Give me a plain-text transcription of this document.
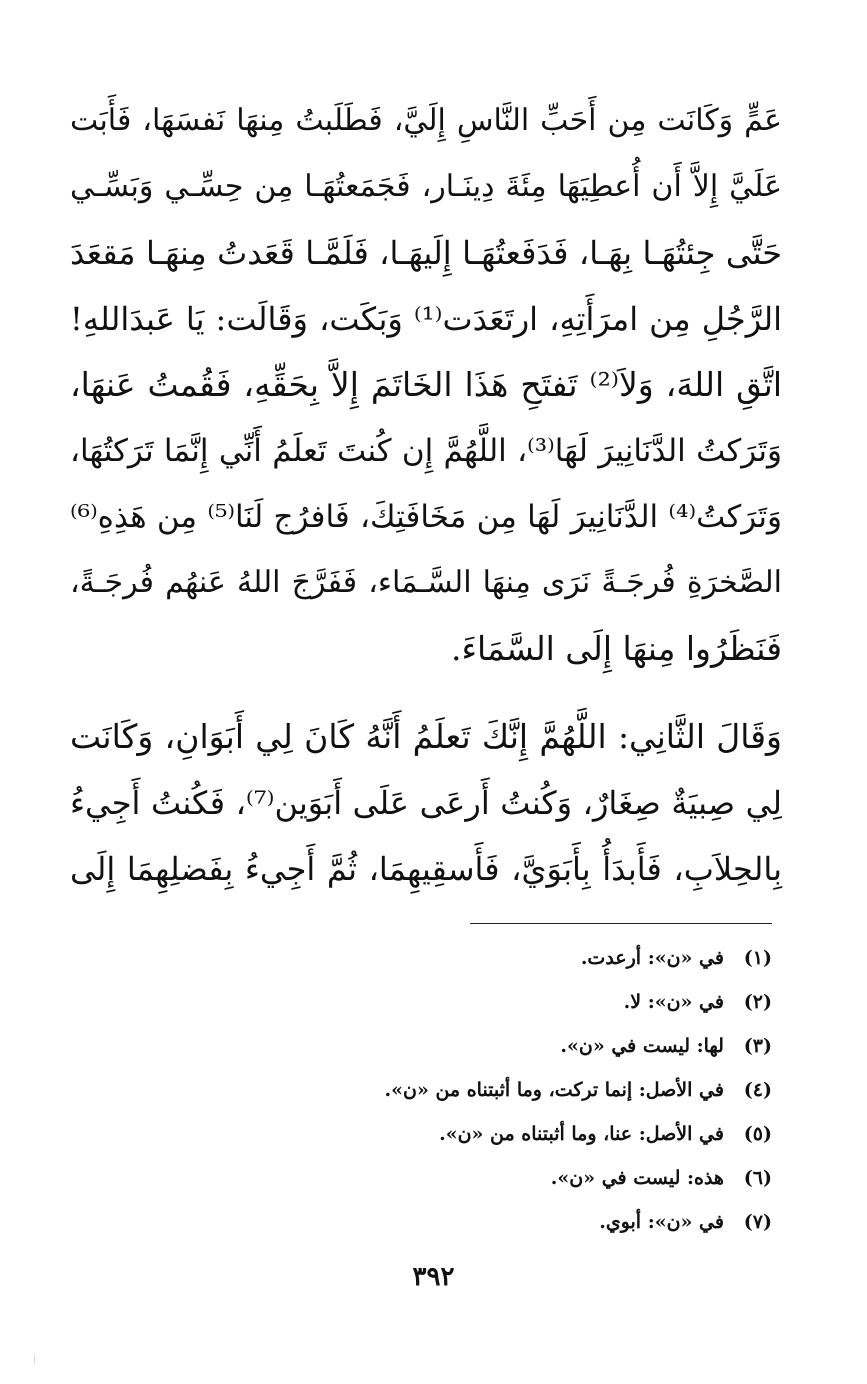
عَمٍّ وَكَانَت مِن أَحَبِّ النَّاسِ إِلَيَّ، فَطَلَبتُ مِنهَا نَفسَهَا، فَأَبَت
عَلَيَّ إِلاَّ أَن أُعطِيَهَا مِئَةَ دِينَـار، فَجَمَعتُهَـا مِن حِسِّـي وَبَسِّـي
حَتَّى جِئتُهَـا بِهَـا، فَدَفَعتُهَـا إِلَيهَـا، فَلَمَّـا قَعَدتُ مِنهَـا مَقعَدَ
الرَّجُلِ مِن امرَأَتِهِ، ارتَعَدَت⁽¹⁾ وَبَكَت، وَقَالَت: يَا عَبدَاللهِ!
اتَّقِ اللهَ، وَلاَ⁽²⁾ تَفتَحِ هَذَا الخَاتَمَ إِلاَّ بِحَقِّهِ، فَقُمتُ عَنهَا،
وَتَرَكتُ الدَّنَانِيرَ لَهَا⁽³⁾، اللَّهُمَّ إِن كُنتَ تَعلَمُ أَنِّي إِنَّمَا تَرَكتُهَا،
وَتَرَكتُ⁽⁴⁾ الدَّنَانِيرَ لَهَا مِن مَخَافَتِكَ، فَافرُج لَنَا⁽⁵⁾ مِن هَذِهِ⁽⁶⁾
الصَّخرَةِ فُرجَـةً نَرَى مِنهَا السَّـمَاء، فَفَرَّجَ اللهُ عَنهُم فُرجَـةً،
فَنَظَرُوا مِنهَا إِلَى السَّمَاءَ.
وَقَالَ الثَّانِي: اللَّهُمَّ إِنَّكَ تَعلَمُ أَنَّهُ كَانَ لِي أَبَوَانِ، وَكَانَت
لِي صِبيَةٌ صِغَارٌ، وَكُنتُ أَرعَى عَلَى أَبَوَين⁽⁷⁾، فَكُنتُ أَجِيءُ
بِالحِلاَبِ، فَأَبدَأُ بِأَبَوَيَّ، فَأَسقِيهِمَا، ثُمَّ أَجِيءُ بِفَضلِهِمَا إِلَى
(١) في «ن»: أرعدت.
(٢) في «ن»: لا.
(٣) لها: ليست في «ن».
(٤) في الأصل: إنما تركت، وما أثبتناه من «ن».
(٥) في الأصل: عنا، وما أثبتناه من «ن».
(٦) هذه: ليست في «ن».
(٧) في «ن»: أبوي.
٣٩٢
